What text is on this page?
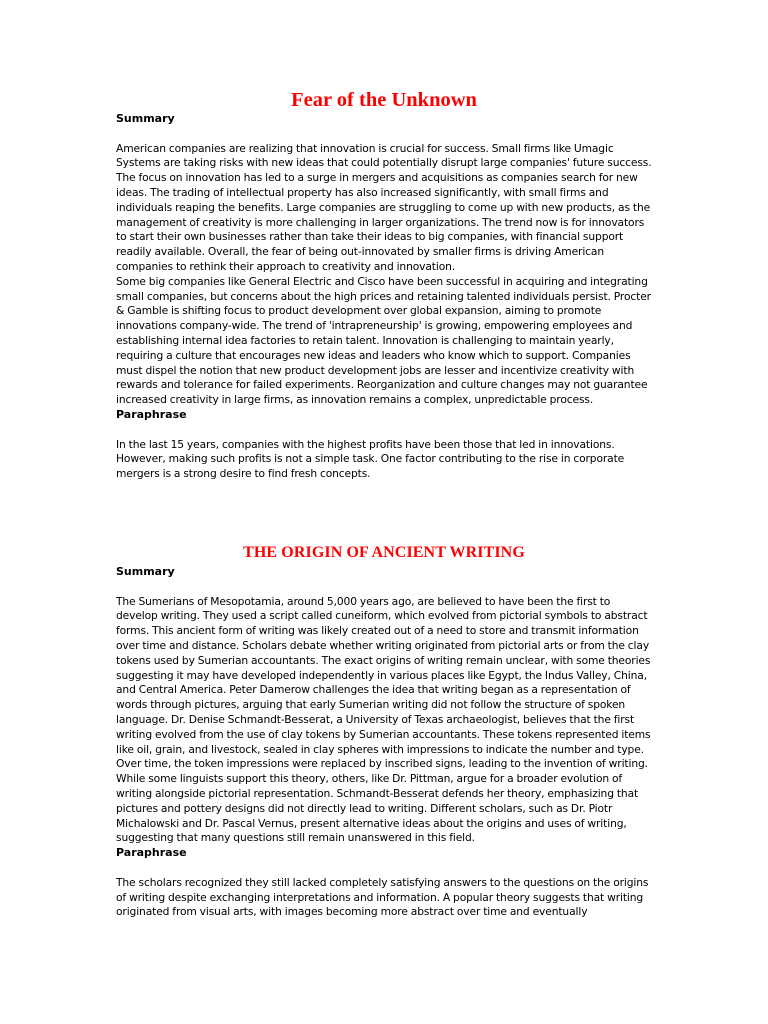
Fear of the Unknown

Summary

American companies are realizing that innovation is crucial for success. Small firms like Umagic Systems are taking risks with new ideas that could potentially disrupt large companies' future success. The focus on innovation has led to a surge in mergers and acquisitions as companies search for new ideas. The trading of intellectual property has also increased significantly, with small firms and individuals reaping the benefits. Large companies are struggling to come up with new products, as the management of creativity is more challenging in larger organizations. The trend now is for innovators to start their own businesses rather than take their ideas to big companies, with financial support readily available. Overall, the fear of being out-innovated by smaller firms is driving American companies to rethink their approach to creativity and innovation.

Some big companies like General Electric and Cisco have been successful in acquiring and integrating small companies, but concerns about the high prices and retaining talented individuals persist. Procter & Gamble is shifting focus to product development over global expansion, aiming to promote innovations company-wide. The trend of 'intrapreneurship' is growing, empowering employees and establishing internal idea factories to retain talent. Innovation is challenging to maintain yearly, requiring a culture that encourages new ideas and leaders who know which to support. Companies must dispel the notion that new product development jobs are lesser and incentivize creativity with rewards and tolerance for failed experiments. Reorganization and culture changes may not guarantee increased creativity in large firms, as innovation remains a complex, unpredictable process.

Paraphrase

In the last 15 years, companies with the highest profits have been those that led in innovations. However, making such profits is not a simple task. One factor contributing to the rise in corporate mergers is a strong desire to find fresh concepts.

THE ORIGIN OF ANCIENT WRITING

Summary

The Sumerians of Mesopotamia, around 5,000 years ago, are believed to have been the first to develop writing. They used a script called cuneiform, which evolved from pictorial symbols to abstract forms. This ancient form of writing was likely created out of a need to store and transmit information over time and distance. Scholars debate whether writing originated from pictorial arts or from the clay tokens used by Sumerian accountants. The exact origins of writing remain unclear, with some theories suggesting it may have developed independently in various places like Egypt, the Indus Valley, China, and Central America. Peter Damerow challenges the idea that writing began as a representation of words through pictures, arguing that early Sumerian writing did not follow the structure of spoken language. Dr. Denise Schmandt-Besserat, a University of Texas archaeologist, believes that the first writing evolved from the use of clay tokens by Sumerian accountants. These tokens represented items like oil, grain, and livestock, sealed in clay spheres with impressions to indicate the number and type. Over time, the token impressions were replaced by inscribed signs, leading to the invention of writing. While some linguists support this theory, others, like Dr. Pittman, argue for a broader evolution of writing alongside pictorial representation. Schmandt-Besserat defends her theory, emphasizing that pictures and pottery designs did not directly lead to writing. Different scholars, such as Dr. Piotr Michalowski and Dr. Pascal Vernus, present alternative ideas about the origins and uses of writing, suggesting that many questions still remain unanswered in this field.

Paraphrase

The scholars recognized they still lacked completely satisfying answers to the questions on the origins of writing despite exchanging interpretations and information. A popular theory suggests that writing originated from visual arts, with images becoming more abstract over time and eventually
